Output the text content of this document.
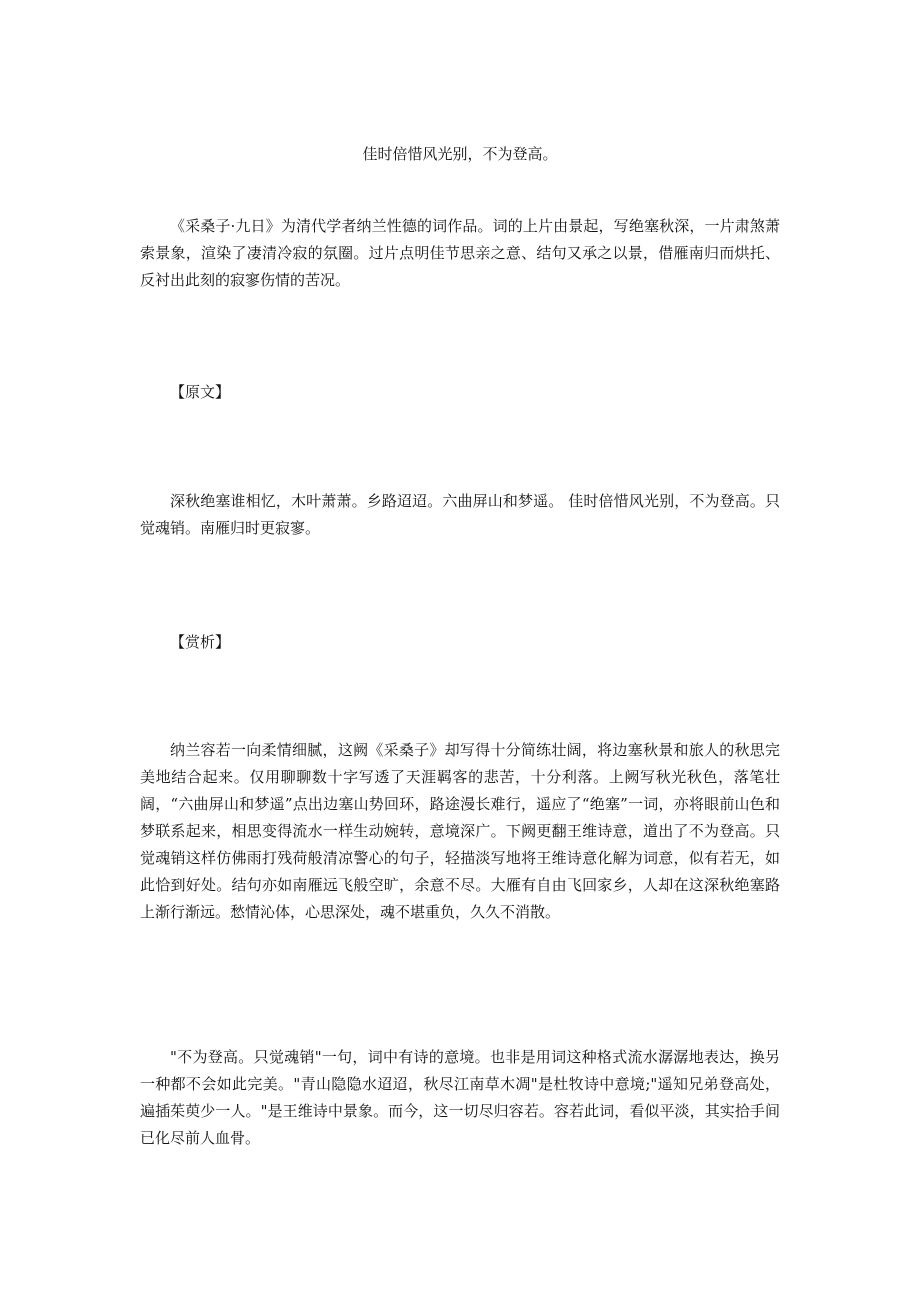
佳时倍惜风光别，不为登高。

《采桑子·九日》为清代学者纳兰性德的词作品。词的上片由景起，写绝塞秋深，一片肃煞萧索景象，渲染了凄清冷寂的氛圈。过片点明佳节思亲之意、结句又承之以景，借雁南归而烘托、反衬出此刻的寂寥伤情的苦况。

【原文】

深秋绝塞谁相忆，木叶萧萧。乡路迢迢。六曲屏山和梦遥。 佳时倍惜风光别，不为登高。只觉魂销。南雁归时更寂寥。

【赏析】

纳兰容若一向柔情细腻，这阙《采桑子》却写得十分简练壮阔，将边塞秋景和旅人的秋思完美地结合起来。仅用聊聊数十字写透了天涯羁客的悲苦，十分利落。上阙写秋光秋色，落笔壮阔，“六曲屏山和梦遥”点出边塞山势回环，路途漫长难行，遥应了“绝塞”一词，亦将眼前山色和梦联系起来，相思变得流水一样生动婉转，意境深广。下阙更翻王维诗意，道出了不为登高。只觉魂销这样仿佛雨打残荷般清凉警心的句子，轻描淡写地将王维诗意化解为词意，似有若无，如此恰到好处。结句亦如南雁远飞般空旷，余意不尽。大雁有自由飞回家乡，人却在这深秋绝塞路上渐行渐远。愁情沁体，心思深处，魂不堪重负，久久不消散。

"不为登高。只觉魂销"一句，词中有诗的意境。也非是用词这种格式流水潺潺地表达，换另一种都不会如此完美。"青山隐隐水迢迢，秋尽江南草木凋"是杜牧诗中意境;"遥知兄弟登高处，遍插茱萸少一人。"是王维诗中景象。而今，这一切尽归容若。容若此词，看似平淡，其实拾手间已化尽前人血骨。
